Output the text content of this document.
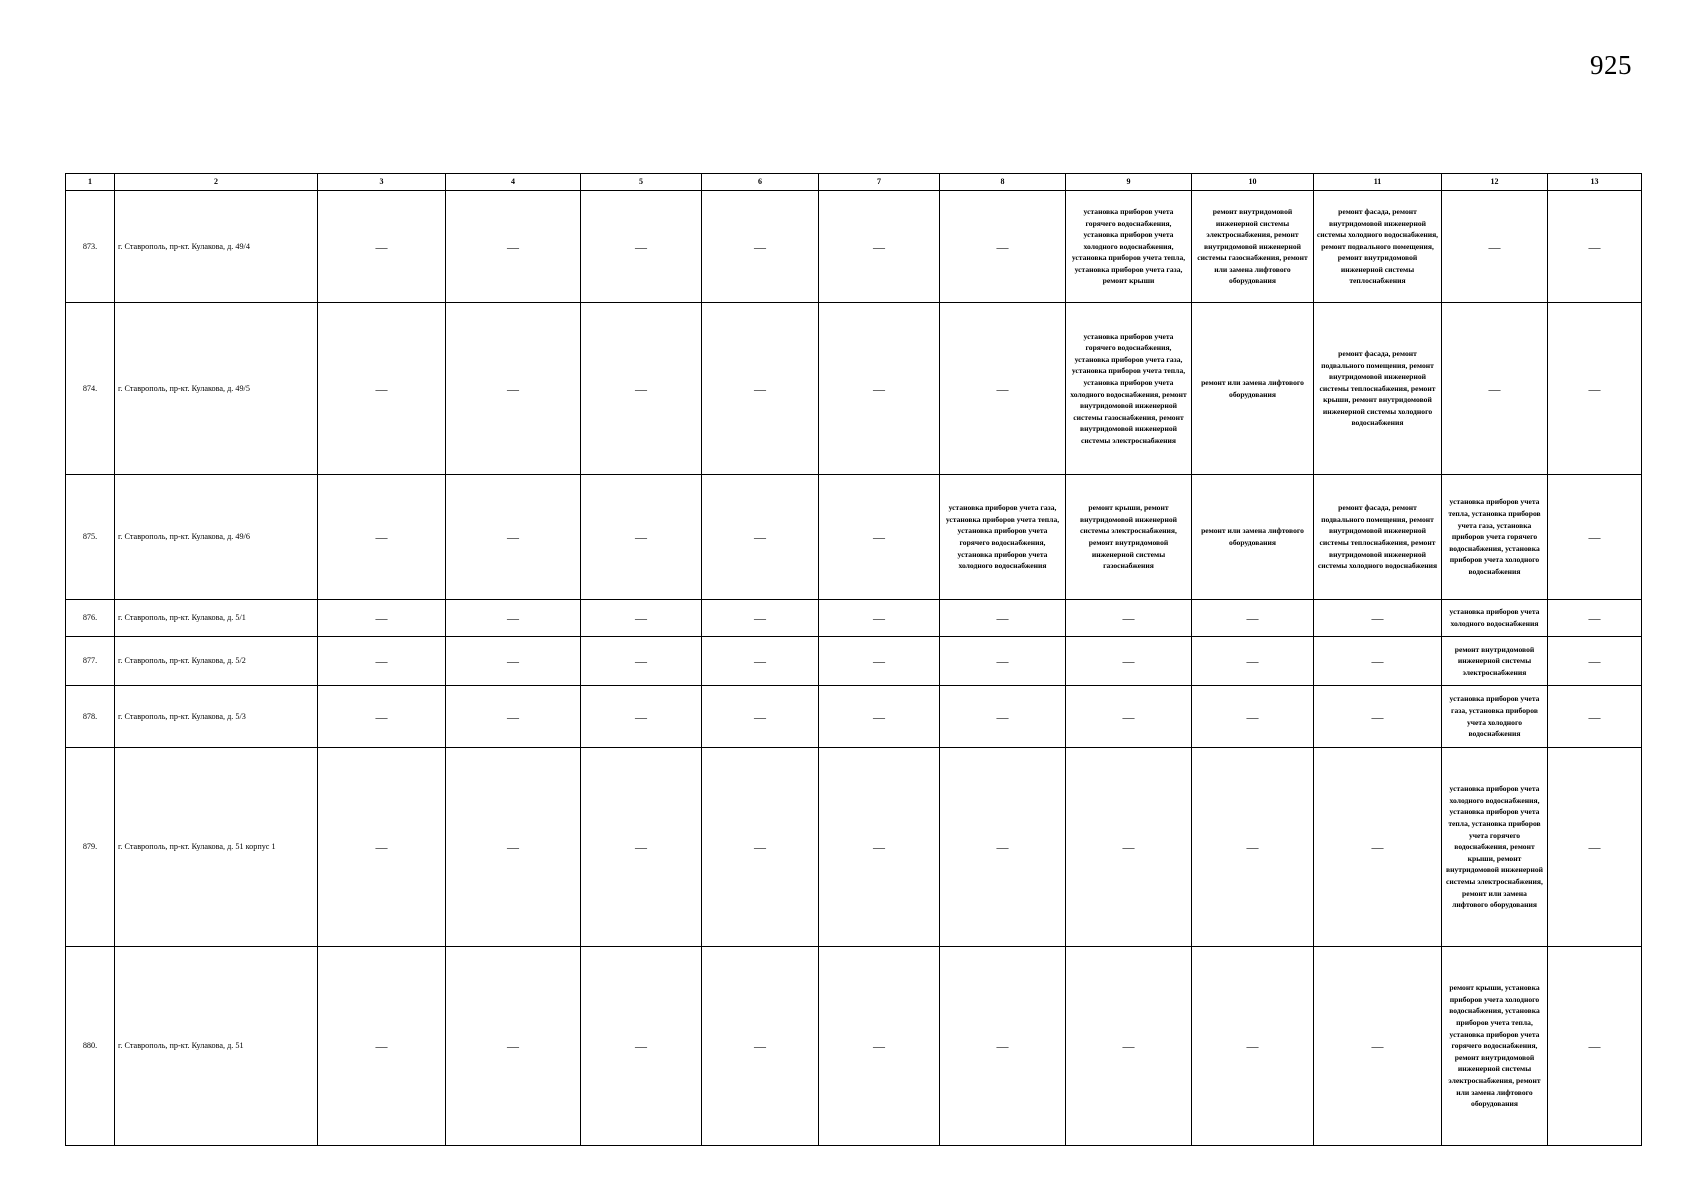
925
1	2	3	4	5	6	7	8	9	10	11	12	13
873.	г. Ставрополь, пр-кт. Кулакова, д. 49/4	—	—	—	—	—	—	установка приборов учета горячего водоснабжения, установка приборов учета холодного водоснабжения, установка приборов учета тепла, установка приборов учета газа, ремонт крыши	ремонт внутридомовой инженерной системы электроснабжения, ремонт внутридомовой инженерной системы газоснабжения, ремонт или замена лифтового оборудования	ремонт фасада, ремонт внутридомовой инженерной системы холодного водоснабжения, ремонт подвального помещения, ремонт внутридомовой инженерной системы теплоснабжения	—	—
874.	г. Ставрополь, пр-кт. Кулакова, д. 49/5	—	—	—	—	—	—	установка приборов учета горячего водоснабжения, установка приборов учета газа, установка приборов учета тепла, установка приборов учета холодного водоснабжения, ремонт внутридомовой инженерной системы газоснабжения, ремонт внутридомовой инженерной системы электроснабжения	ремонт или замена лифтового оборудования	ремонт фасада, ремонт подвального помещения, ремонт внутридомовой инженерной системы теплоснабжения, ремонт крыши, ремонт внутридомовой инженерной системы холодного водоснабжения	—	—
875.	г. Ставрополь, пр-кт. Кулакова, д. 49/6	—	—	—	—	—	установка приборов учета газа, установка приборов учета тепла, установка приборов учета горячего водоснабжения, установка приборов учета холодного водоснабжения	ремонт крыши, ремонт внутридомовой инженерной системы электроснабжения, ремонт внутридомовой инженерной системы газоснабжения	ремонт или замена лифтового оборудования	ремонт фасада, ремонт подвального помещения, ремонт внутридомовой инженерной системы теплоснабжения, ремонт внутридомовой инженерной системы холодного водоснабжения	установка приборов учета тепла, установка приборов учета газа, установка приборов учета горячего водоснабжения, установка приборов учета холодного водоснабжения	—
876.	г. Ставрополь, пр-кт. Кулакова, д. 5/1	—	—	—	—	—	—	—	—	—	установка приборов учета холодного водоснабжения	—
877.	г. Ставрополь, пр-кт. Кулакова, д. 5/2	—	—	—	—	—	—	—	—	—	ремонт внутридомовой инженерной системы электроснабжения	—
878.	г. Ставрополь, пр-кт. Кулакова, д. 5/3	—	—	—	—	—	—	—	—	—	установка приборов учета газа, установка приборов учета холодного водоснабжения	—
879.	г. Ставрополь, пр-кт. Кулакова, д. 51 корпус 1	—	—	—	—	—	—	—	—	—	установка приборов учета холодного водоснабжения, установка приборов учета тепла, установка приборов учета горячего водоснабжения, ремонт крыши, ремонт внутридомовой инженерной системы электроснабжения, ремонт или замена лифтового оборудования	—
880.	г. Ставрополь, пр-кт. Кулакова, д. 51	—	—	—	—	—	—	—	—	—	ремонт крыши, установка приборов учета холодного водоснабжения, установка приборов учета тепла, установка приборов учета горячего водоснабжения, ремонт внутридомовой инженерной системы электроснабжения, ремонт или замена лифтового оборудования	—
